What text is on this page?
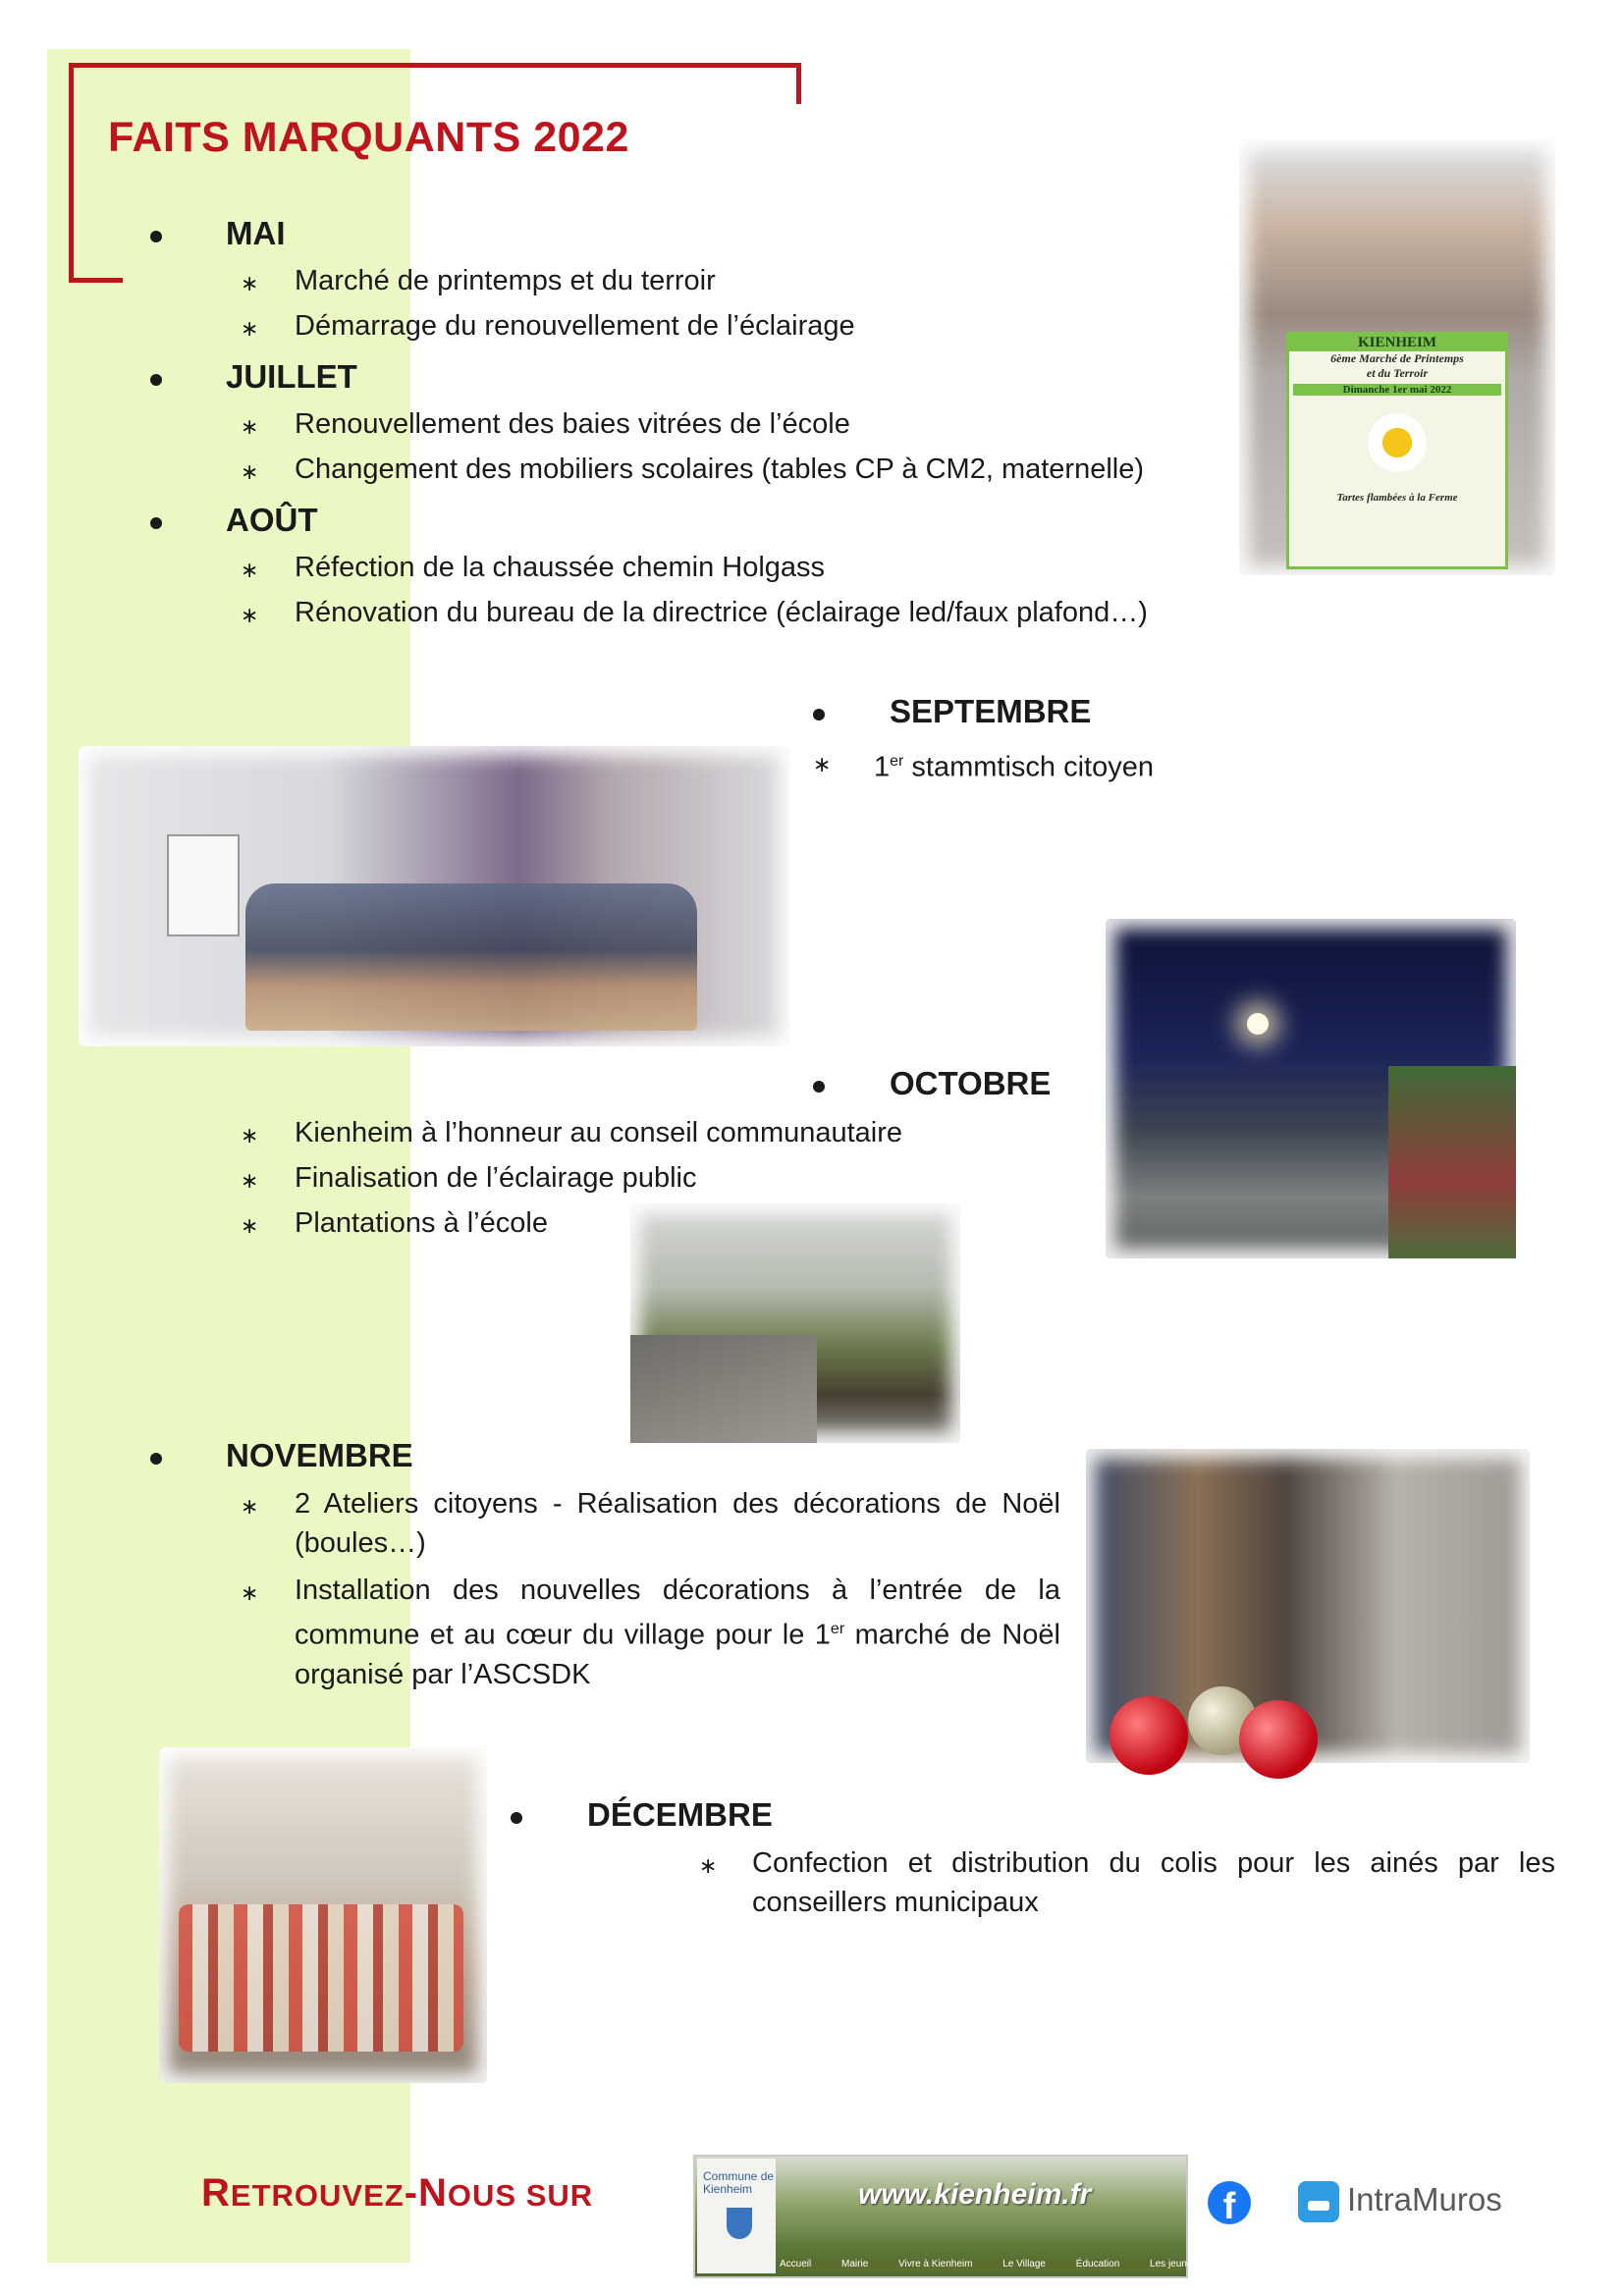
FAITS MARQUANTS 2022
MAI
∗ Marché de printemps et du terroir
∗ Démarrage du renouvellement de l’éclairage
JUILLET
∗ Renouvellement des baies vitrées de l’école
∗ Changement des mobiliers scolaires (tables CP à CM2, maternelle)
AOÛT
∗ Réfection de la chaussée chemin Holgass
∗ Rénovation du bureau de la directrice (éclairage led/faux plafond…)
KIENHEIM
6ème Marché de Printemps
et du Terroir
Dimanche 1er mai 2022
Tartes flambées à la Ferme
SEPTEMBRE
∗ 1er stammtisch citoyen
OCTOBRE
∗ Kienheim à l’honneur au conseil communautaire
∗ Finalisation de l’éclairage public
∗ Plantations à l’école
NOVEMBRE
∗ 2 Ateliers citoyens - Réalisation des décorations de Noël (boules…)
∗ Installation des nouvelles décorations à l’entrée de la commune et au cœur du village pour le 1er marché de Noël organisé par l’ASCSDK
DÉCEMBRE
∗ Confection et distribution du colis pour les ainés par les conseillers municipaux
RETROUVEZ-NOUS SUR
Commune de Kienheim	www.kienheim.fr
Accueil	Mairie	Vivre à Kienheim	Le Village	Éducation	Les jeunes en parlent
f	IntraMuros
